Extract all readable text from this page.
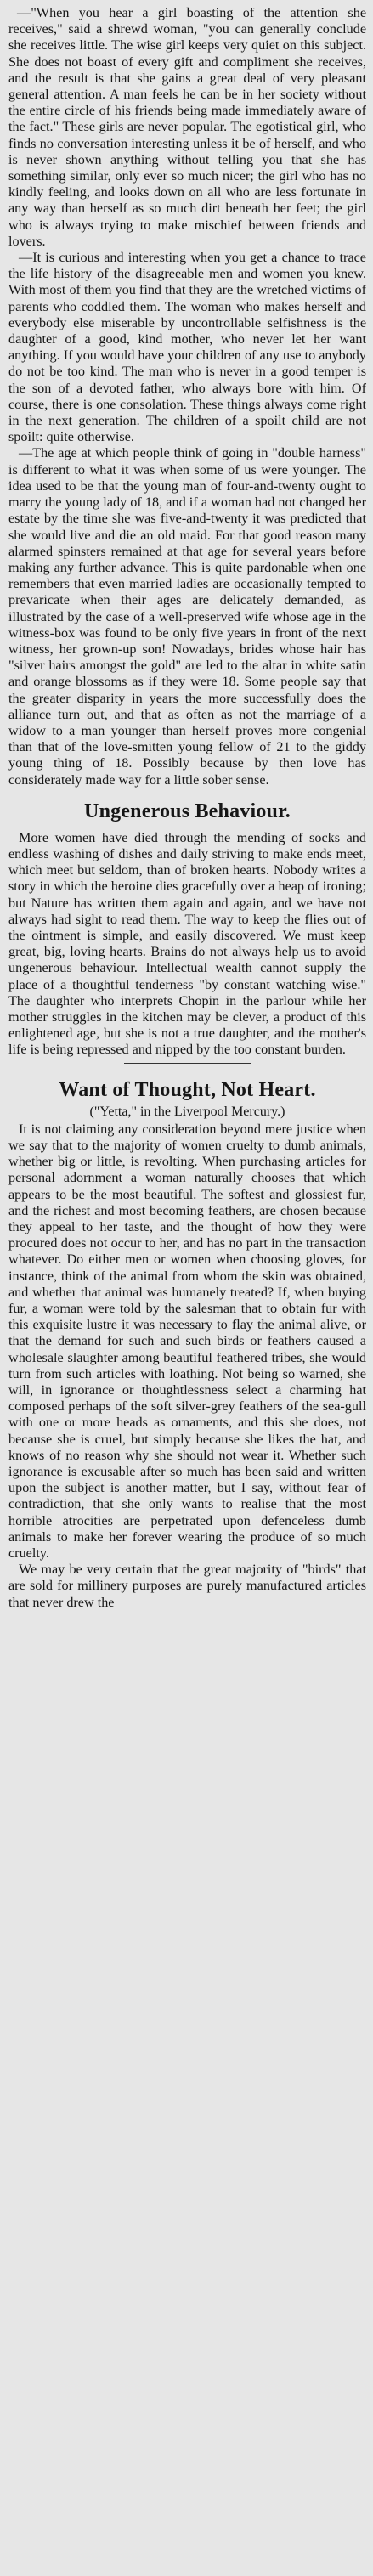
—"When you hear a girl boasting of the attention she receives," said a shrewd woman, "you can generally conclude she receives little. The wise girl keeps very quiet on this subject. She does not boast of every gift and compliment she receives, and the result is that she gains a great deal of very pleasant general attention. A man feels he can be in her society without the entire circle of his friends being made immediately aware of the fact." These girls are never popular. The egotistical girl, who finds no conversation interesting unless it be of herself, and who is never shown anything without telling you that she has something similar, only ever so much nicer; the girl who has no kindly feeling, and looks down on all who are less fortunate in any way than herself as so much dirt beneath her feet; the girl who is always trying to make mischief between friends and lovers.

—It is curious and interesting when you get a chance to trace the life history of the disagreeable men and women you knew. With most of them you find that they are the wretched victims of parents who coddled them. The woman who makes herself and everybody else miserable by uncontrollable selfishness is the daughter of a good, kind mother, who never let her want anything. If you would have your children of any use to anybody do not be too kind. The man who is never in a good temper is the son of a devoted father, who always bore with him. Of course, there is one consolation. These things always come right in the next generation. The children of a spoilt child are not spoilt: quite otherwise.

—The age at which people think of going in "double harness" is different to what it was when some of us were younger. The idea used to be that the young man of four-and-twenty ought to marry the young lady of 18, and if a woman had not changed her estate by the time she was five-and-twenty it was predicted that she would live and die an old maid. For that good reason many alarmed spinsters remained at that age for several years before making any further advance. This is quite pardonable when one remembers that even married ladies are occasionally tempted to prevaricate when their ages are delicately demanded, as illustrated by the case of a well-preserved wife whose age in the witness-box was found to be only five years in front of the next witness, her grown-up son! Nowadays, brides whose hair has "silver hairs amongst the gold" are led to the altar in white satin and orange blossoms as if they were 18. Some people say that the greater disparity in years the more successfully does the alliance turn out, and that as often as not the marriage of a widow to a man younger than herself proves more congenial than that of the love-smitten young fellow of 21 to the giddy young thing of 18. Possibly because by then love has considerately made way for a little sober sense.

Ungenerous Behaviour.

More women have died through the mending of socks and endless washing of dishes and daily striving to make ends meet, which meet but seldom, than of broken hearts. Nobody writes a story in which the heroine dies gracefully over a heap of ironing; but Nature has written them again and again, and we have not always had sight to read them. The way to keep the flies out of the ointment is simple, and easily discovered. We must keep great, big, loving hearts. Brains do not always help us to avoid ungenerous behaviour. Intellectual wealth cannot supply the place of a thoughtful tenderness "by constant watching wise." The daughter who interprets Chopin in the parlour while her mother struggles in the kitchen may be clever, a product of this enlightened age, but she is not a true daughter, and the mother's life is being repressed and nipped by the too constant burden.

Want of Thought, Not Heart.

("Yetta," in the Liverpool Mercury.)

It is not claiming any consideration beyond mere justice when we say that to the majority of women cruelty to dumb animals, whether big or little, is revolting. When purchasing articles for personal adornment a woman naturally chooses that which appears to be the most beautiful. The softest and glossiest fur, and the richest and most becoming feathers, are chosen because they appeal to her taste, and the thought of how they were procured does not occur to her, and has no part in the transaction whatever. Do either men or women when choosing gloves, for instance, think of the animal from whom the skin was obtained, and whether that animal was humanely treated? If, when buying fur, a woman were told by the salesman that to obtain fur with this exquisite lustre it was necessary to flay the animal alive, or that the demand for such and such birds or feathers caused a wholesale slaughter among beautiful feathered tribes, she would turn from such articles with loathing. Not being so warned, she will, in ignorance or thoughtlessness select a charming hat composed perhaps of the soft silver-grey feathers of the sea-gull with one or more heads as ornaments, and this she does, not because she is cruel, but simply because she likes the hat, and knows of no reason why she should not wear it. Whether such ignorance is excusable after so much has been said and written upon the subject is another matter, but I say, without fear of contradiction, that she only wants to realise that the most horrible atrocities are perpetrated upon defenceless dumb animals to make her forever wearing the produce of so much cruelty.

We may be very certain that the great majority of "birds" that are sold for millinery purposes are purely manufactured articles that never drew the
